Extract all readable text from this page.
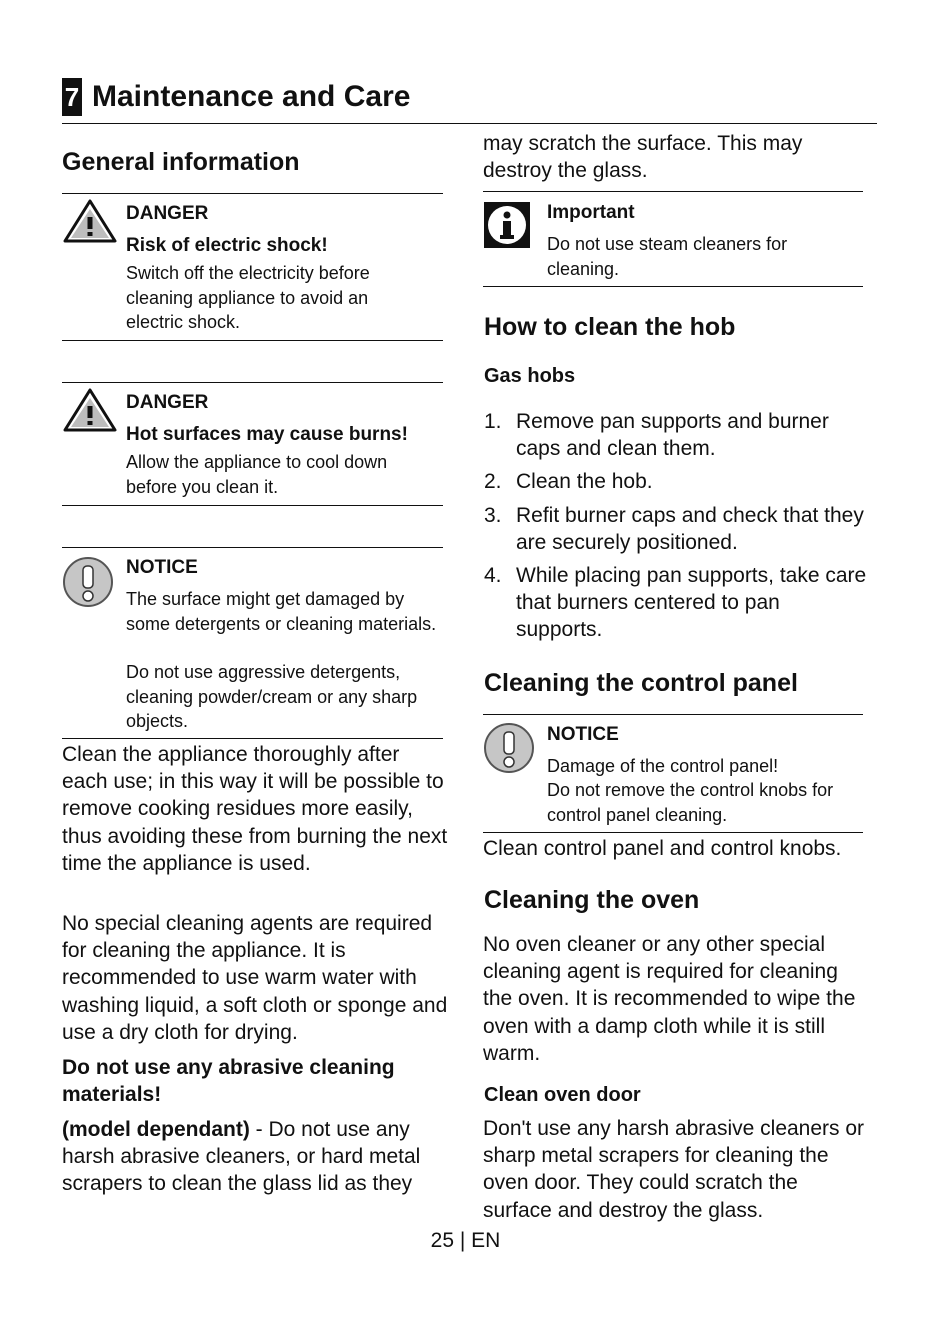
7 Maintenance and Care
General information
DANGER
Risk of electric shock!
Switch off the electricity before cleaning appliance to avoid an electric shock.
DANGER
Hot surfaces may cause burns!
Allow the appliance to cool down before you clean it.
NOTICE
The surface might get damaged by some detergents or cleaning materials.
Do not use aggressive detergents, cleaning powder/cream or any sharp objects.
Clean the appliance thoroughly after each use; in this way it will be possible to remove cooking residues more easily, thus avoiding these from burning the next time the appliance is used.
No special cleaning agents are required for cleaning the appliance. It is recommended to use warm water with washing liquid, a soft cloth or sponge and use a dry cloth for drying.
Do not use any abrasive cleaning materials!
(model dependant) - Do not use any harsh abrasive cleaners, or hard metal scrapers to clean the glass lid as they
may scratch the surface. This may destroy the glass.
Important
Do not use steam cleaners for cleaning.
How to clean the hob
Gas hobs
1. Remove pan supports and burner caps and clean them.
2. Clean the hob.
3. Refit burner caps and check that they are securely positioned.
4. While placing pan supports, take care that burners centered to pan supports.
Cleaning the control panel
NOTICE
Damage of the control panel!
Do not remove the control knobs for control panel cleaning.
Clean control panel and control knobs.
Cleaning the oven
No oven cleaner or any other special cleaning agent is required for cleaning the oven. It is recommended to wipe the oven with a damp cloth while it is still warm.
Clean oven door
Don't use any harsh abrasive cleaners or sharp metal scrapers for cleaning the oven door. They could scratch the surface and destroy the glass.
25 | EN
